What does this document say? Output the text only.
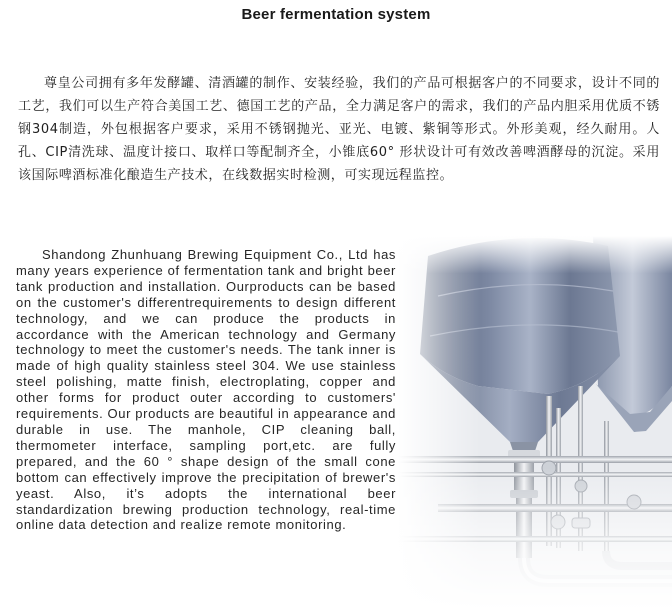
Beer fermentation system

尊皇公司拥有多年发酵罐、清酒罐的制作、安装经验，我们的产品可根据客户的不同要求，设计不同的工艺，我们可以生产符合美国工艺、德国工艺的产品，全力满足客户的需求，我们的产品内胆采用优质不锈钢304制造，外包根据客户要求，采用不锈钢抛光、亚光、电镀、紫铜等形式。外形美观，经久耐用。人孔、CIP清洗球、温度计接口、取样口等配制齐全，小锥底60° 形状设计可有效改善啤酒酵母的沉淀。采用该国际啤酒标准化酿造生产技术，在线数据实时检测，可实现远程监控。

Shandong Zhunhuang Brewing Equipment Co., Ltd has many years experience of fermentation tank and bright beer tank production and installation. Ourproducts can be based on the customer's differentrequirements to design different technology, and we can produce the products in accordance with the American technology and Germany technology to meet the customer's needs. The tank inner is made of high quality stainless steel 304. We use stainless steel polishing, matte finish, electroplating, copper and other forms for product outer according to customers' requirements. Our products are beautiful in appearance and durable in use. The manhole, CIP cleaning ball, thermometer interface, sampling port,etc. are fully prepared, and the 60 ° shape design of the small cone bottom can effectively improve the precipitation of brewer's yeast. Also, it’s adopts the international beer standardization brewing production technology, real-time online data detection and realize remote monitoring.
